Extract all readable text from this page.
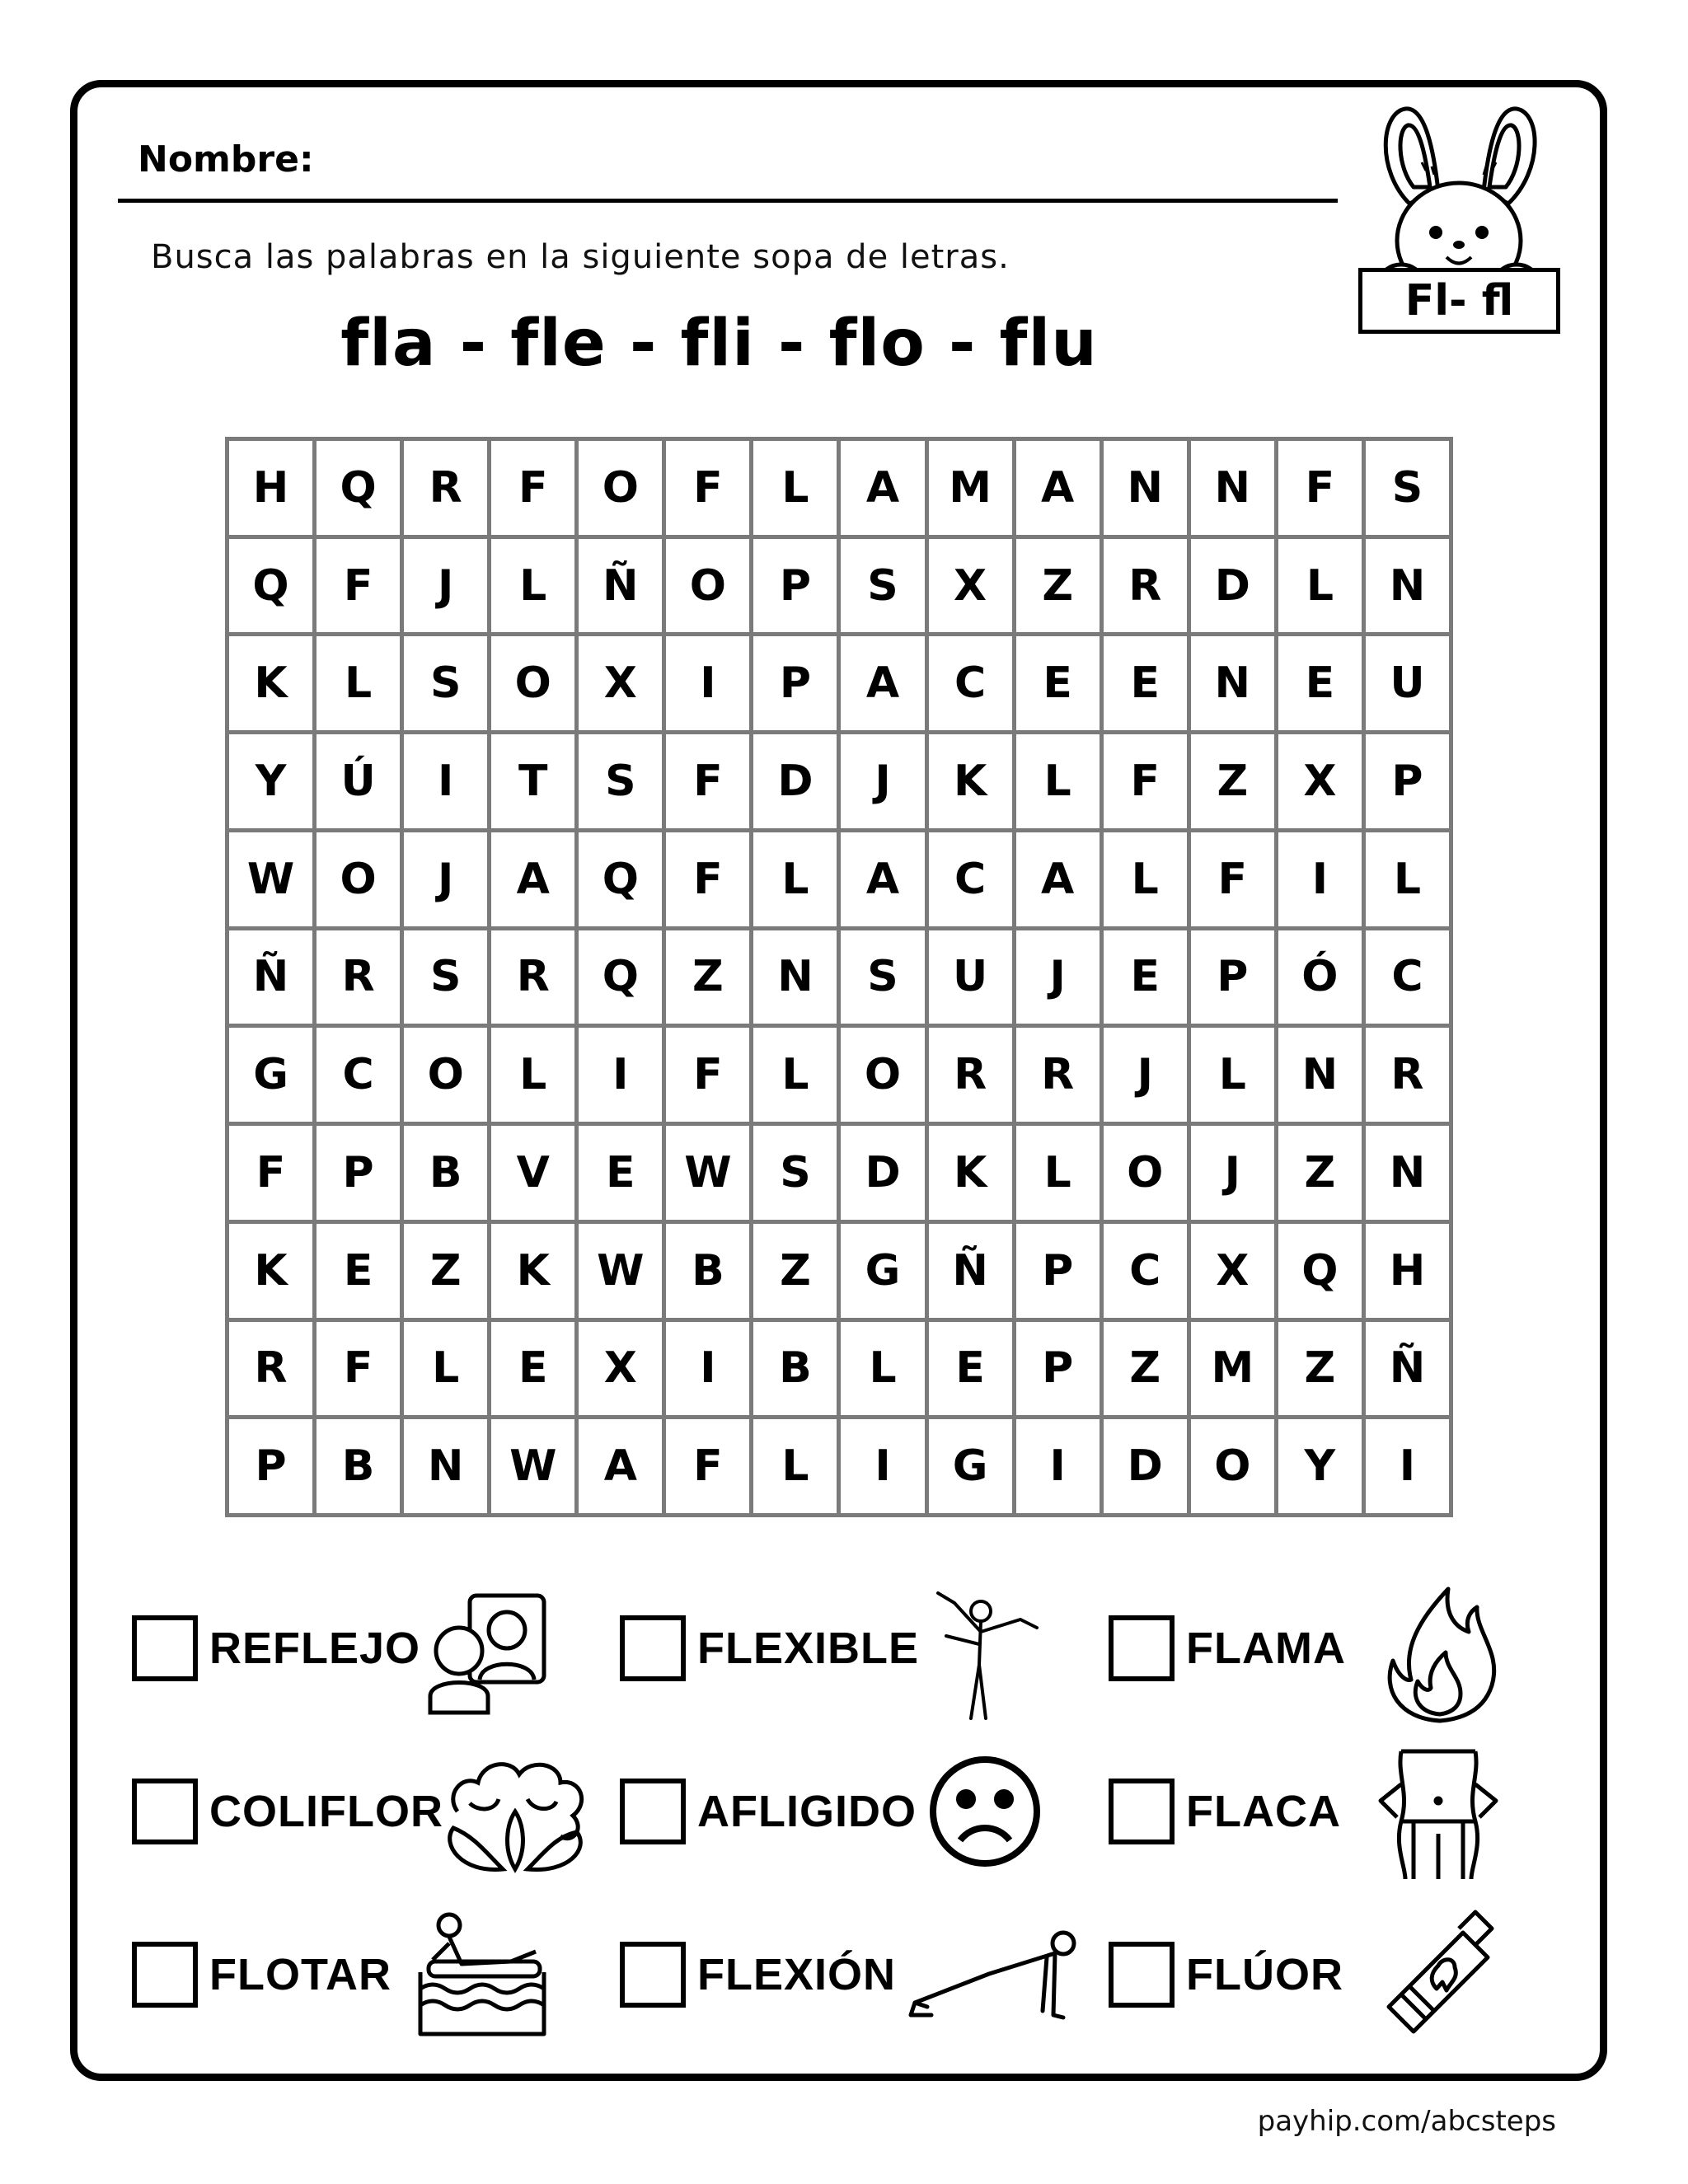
Nombre:
Busca las palabras en la siguiente sopa de letras.
fla - fle - fli - flo - flu
Fl- fl
H	Q	R	F	O	F	L	A	M	A	N	N	F	S
Q	F	J	L	Ñ	O	P	S	X	Z	R	D	L	N
K	L	S	O	X	I	P	A	C	E	E	N	E	U
Y	Ú	I	T	S	F	D	J	K	L	F	Z	X	P
W	O	J	A	Q	F	L	A	C	A	L	F	I	L
Ñ	R	S	R	Q	Z	N	S	U	J	E	P	Ó	C
G	C	O	L	I	F	L	O	R	R	J	L	N	R
F	P	B	V	E	W	S	D	K	L	O	J	Z	N
K	E	Z	K	W	B	Z	G	Ñ	P	C	X	Q	H
R	F	L	E	X	I	B	L	E	P	Z	M	Z	Ñ
P	B	N	W	A	F	L	I	G	I	D	O	Y	I
REFLEJO	FLEXIBLE	FLAMA
COLIFLOR	AFLIGIDO	FLACA
FLOTAR	FLEXIÓN	FLÚOR
payhip.com/abcsteps
